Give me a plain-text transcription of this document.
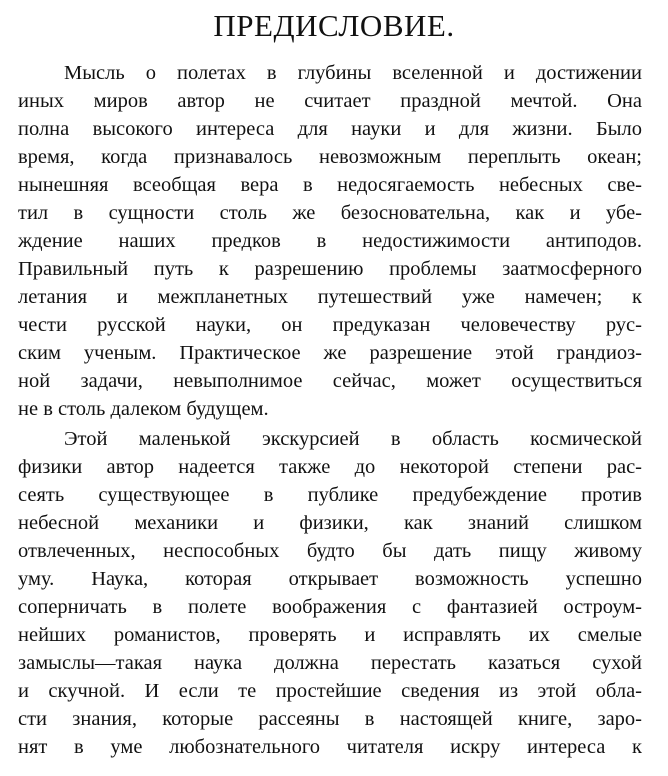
ПРЕДИСЛОВИЕ.

Мысль о полетах в глубины вселенной и достижении

иных миров автор не считает праздной мечтой. Она

полна высокого интереса для науки и для жизни. Было

время, когда признавалось невозможным переплыть океан;

нынешняя всеобщая вера в недосягаемость небесных све-

тил в сущности столь же безосновательна, как и убе-

ждение наших предков в недостижимости антиподов.

Правильный путь к разрешению проблемы заатмосферного

летания и межпланетных путешествий уже намечен; к

чести русской науки, он предуказан человечеству рус-

ским ученым. Практическое же разрешение этой грандиоз-

ной задачи, невыполнимое сейчас, может осуществиться

не в столь далеком будущем.

Этой маленькой экскурсией в область космической

физики автор надеется также до некоторой степени рас-

сеять существующее в публике предубеждение против

небесной механики и физики, как знаний слишком

отвлеченных, неспособных будто бы дать пищу живому

уму. Наука, которая открывает возможность успешно

соперничать в полете воображения с фантазией остроум-

нейших романистов, проверять и исправлять их смелые

замыслы—такая наука должна перестать казаться сухой

и скучной. И если те простейшие сведения из этой обла-

сти знания, которые рассеяны в настоящей книге, зaро-

нят в уме любознательного читателя искру интереса к
